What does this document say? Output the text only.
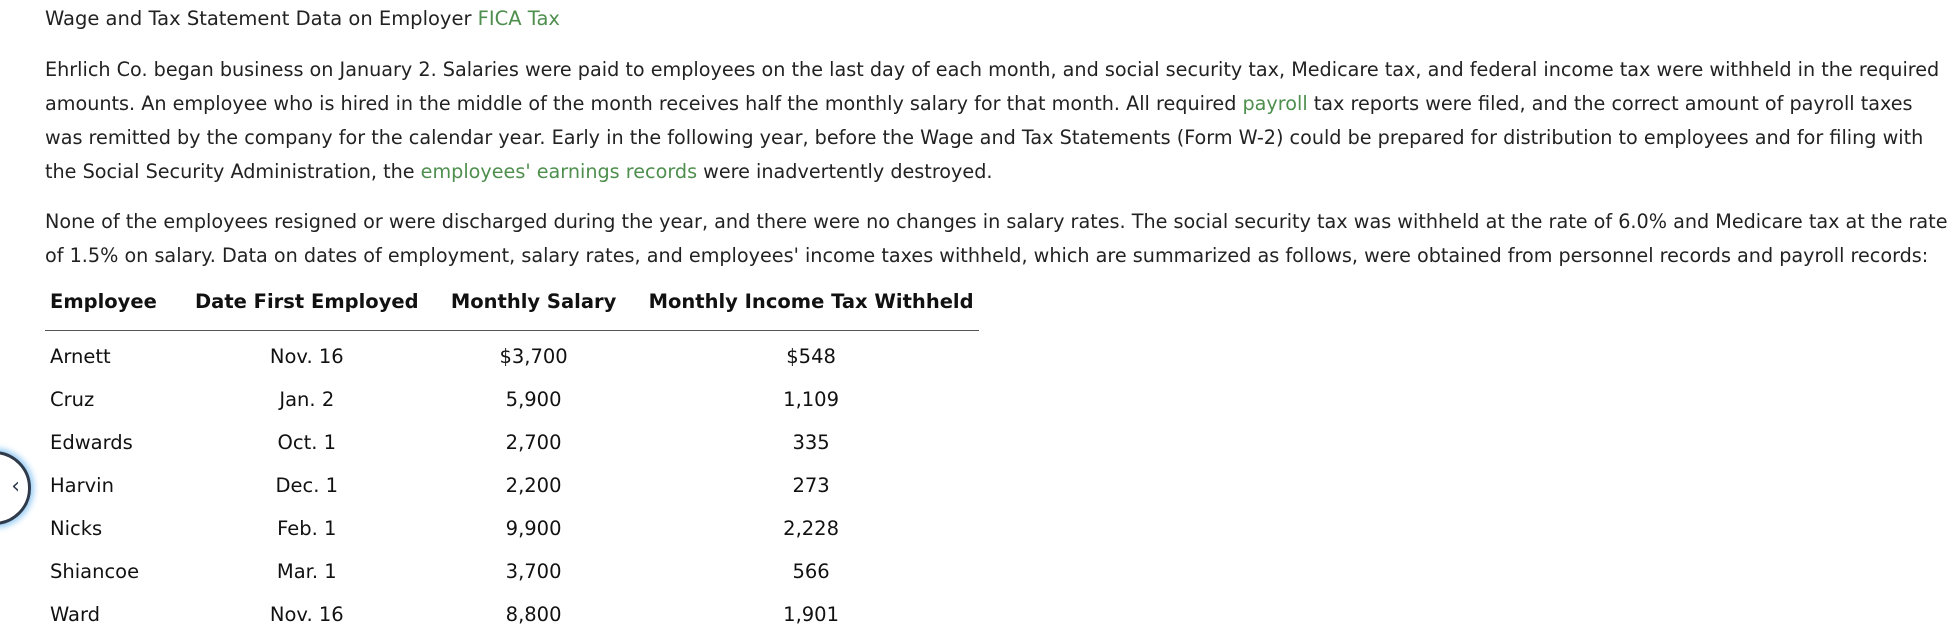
Wage and Tax Statement Data on Employer FICA Tax

Ehrlich Co. began business on January 2. Salaries were paid to employees on the last day of each month, and social security tax, Medicare tax, and federal income tax were withheld in the required
amounts. An employee who is hired in the middle of the month receives half the monthly salary for that month. All required payroll tax reports were filed, and the correct amount of payroll taxes
was remitted by the company for the calendar year. Early in the following year, before the Wage and Tax Statements (Form W-2) could be prepared for distribution to employees and for filing with
the Social Security Administration, the employees' earnings records were inadvertently destroyed.

None of the employees resigned or were discharged during the year, and there were no changes in salary rates. The social security tax was withheld at the rate of 6.0% and Medicare tax at the rate
of 1.5% on salary. Data on dates of employment, salary rates, and employees' income taxes withheld, which are summarized as follows, were obtained from personnel records and payroll records:

Employee	Date First Employed	Monthly Salary	Monthly Income Tax Withheld
Arnett	Nov. 16	$3,700	$548
Cruz	Jan. 2	5,900	1,109
Edwards	Oct. 1	2,700	335
Harvin	Dec. 1	2,200	273
Nicks	Feb. 1	9,900	2,228
Shiancoe	Mar. 1	3,700	566
Ward	Nov. 16	8,800	1,901
‹
